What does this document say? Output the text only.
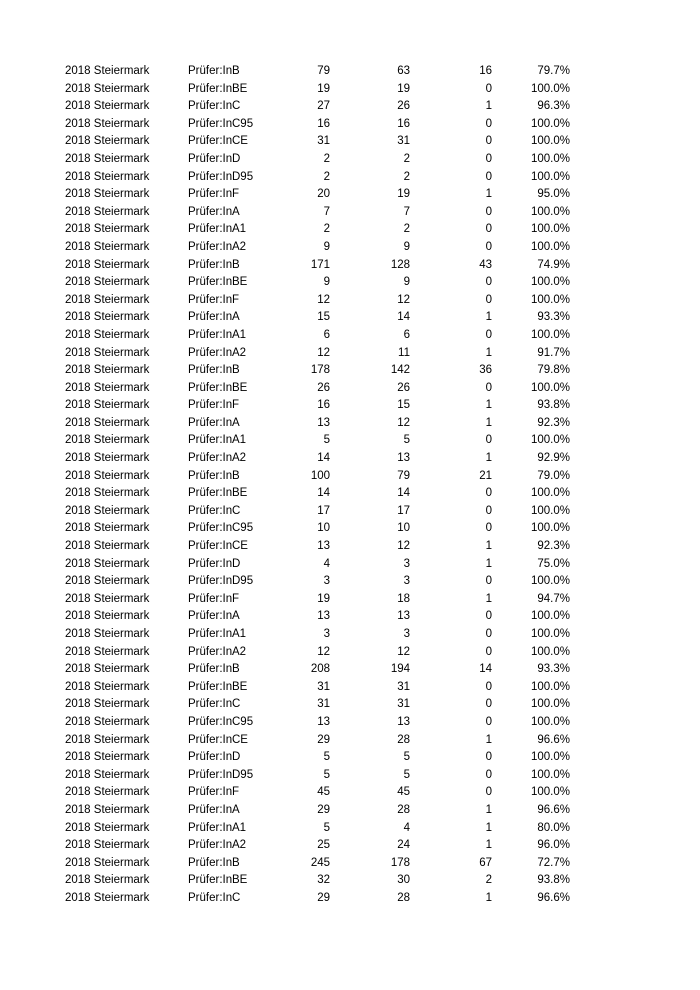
2018 Steiermark	Prüfer:In B	79	63	16	79.7%
2018 Steiermark	Prüfer:In BE	19	19	0	100.0%
2018 Steiermark	Prüfer:In C	27	26	1	96.3%
2018 Steiermark	Prüfer:In C95	16	16	0	100.0%
2018 Steiermark	Prüfer:In CE	31	31	0	100.0%
2018 Steiermark	Prüfer:In D	2	2	0	100.0%
2018 Steiermark	Prüfer:In D95	2	2	0	100.0%
2018 Steiermark	Prüfer:In F	20	19	1	95.0%
2018 Steiermark	Prüfer:In A	7	7	0	100.0%
2018 Steiermark	Prüfer:In A1	2	2	0	100.0%
2018 Steiermark	Prüfer:In A2	9	9	0	100.0%
2018 Steiermark	Prüfer:In B	171	128	43	74.9%
2018 Steiermark	Prüfer:In BE	9	9	0	100.0%
2018 Steiermark	Prüfer:In F	12	12	0	100.0%
2018 Steiermark	Prüfer:In A	15	14	1	93.3%
2018 Steiermark	Prüfer:In A1	6	6	0	100.0%
2018 Steiermark	Prüfer:In A2	12	11	1	91.7%
2018 Steiermark	Prüfer:In B	178	142	36	79.8%
2018 Steiermark	Prüfer:In BE	26	26	0	100.0%
2018 Steiermark	Prüfer:In F	16	15	1	93.8%
2018 Steiermark	Prüfer:In A	13	12	1	92.3%
2018 Steiermark	Prüfer:In A1	5	5	0	100.0%
2018 Steiermark	Prüfer:In A2	14	13	1	92.9%
2018 Steiermark	Prüfer:In B	100	79	21	79.0%
2018 Steiermark	Prüfer:In BE	14	14	0	100.0%
2018 Steiermark	Prüfer:In C	17	17	0	100.0%
2018 Steiermark	Prüfer:In C95	10	10	0	100.0%
2018 Steiermark	Prüfer:In CE	13	12	1	92.3%
2018 Steiermark	Prüfer:In D	4	3	1	75.0%
2018 Steiermark	Prüfer:In D95	3	3	0	100.0%
2018 Steiermark	Prüfer:In F	19	18	1	94.7%
2018 Steiermark	Prüfer:In A	13	13	0	100.0%
2018 Steiermark	Prüfer:In A1	3	3	0	100.0%
2018 Steiermark	Prüfer:In A2	12	12	0	100.0%
2018 Steiermark	Prüfer:In B	208	194	14	93.3%
2018 Steiermark	Prüfer:In BE	31	31	0	100.0%
2018 Steiermark	Prüfer:In C	31	31	0	100.0%
2018 Steiermark	Prüfer:In C95	13	13	0	100.0%
2018 Steiermark	Prüfer:In CE	29	28	1	96.6%
2018 Steiermark	Prüfer:In D	5	5	0	100.0%
2018 Steiermark	Prüfer:In D95	5	5	0	100.0%
2018 Steiermark	Prüfer:In F	45	45	0	100.0%
2018 Steiermark	Prüfer:In A	29	28	1	96.6%
2018 Steiermark	Prüfer:In A1	5	4	1	80.0%
2018 Steiermark	Prüfer:In A2	25	24	1	96.0%
2018 Steiermark	Prüfer:In B	245	178	67	72.7%
2018 Steiermark	Prüfer:In BE	32	30	2	93.8%
2018 Steiermark	Prüfer:In C	29	28	1	96.6%
